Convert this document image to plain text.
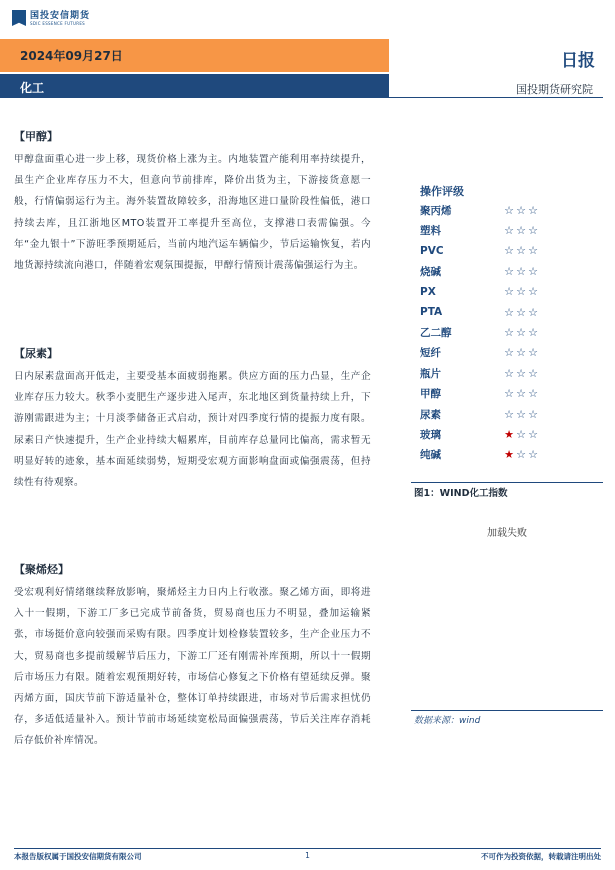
国投安信期货
SDIC ESSENCE FUTURES
2024年09月27日
化工
日报
国投期货研究院
【甲醇】
甲醇盘面重心进一步上移，现货价格上涨为主。内地装置产能利用率持续提升，虽生产企业库存压力不大，但意向节前排库，降价出货为主，下游接货意愿一般，行情偏弱运行为主。海外装置故障较多，沿海地区进口量阶段性偏低，港口持续去库，且江浙地区MTO装置开工率提升至高位，支撑港口表需偏强。今年“金九银十”下游旺季预期延后，当前内地汽运车辆偏少，节后运输恢复，若内地货源持续流向港口，伴随着宏观氛围提振，甲醇行情预计震荡偏强运行为主。
【尿素】
日内尿素盘面高开低走，主要受基本面疲弱拖累。供应方面的压力凸显，生产企业库存压力较大。秋季小麦肥生产逐步进入尾声，东北地区到货量持续上升，下游刚需跟进为主；十月淡季储备正式启动，预计对四季度行情的提振力度有限。尿素日产快速提升，生产企业持续大幅累库，目前库存总量同比偏高，需求暂无明显好转的迹象，基本面延续弱势，短期受宏观方面影响盘面或偏强震荡，但持续性有待观察。
【聚烯烃】
受宏观利好情绪继续释放影响，聚烯烃主力日内上行收涨。聚乙烯方面，即将进入十一假期，下游工厂多已完成节前备货，贸易商也压力不明显，叠加运输紧张，市场挺价意向较强而采购有限。四季度计划检修装置较多，生产企业压力不大，贸易商也多提前缓解节后压力，下游工厂还有刚需补库预期，所以十一假期后市场压力有限。随着宏观预期好转，市场信心修复之下价格有望延续反弹。聚丙烯方面，国庆节前下游适量补仓，整体订单持续跟进，市场对节后需求担忧仍存，多适低适量补入。预计节前市场延续宽松局面偏强震荡，节后关注库存消耗后存低价补库情况。
操作评级
聚丙烯	☆ ☆ ☆
塑料	☆ ☆ ☆
PVC	☆ ☆ ☆
烧碱	☆ ☆ ☆
PX	☆ ☆ ☆
PTA	☆ ☆ ☆
乙二醇	☆ ☆ ☆
短纤	☆ ☆ ☆
瓶片	☆ ☆ ☆
甲醇	☆ ☆ ☆
尿素	☆ ☆ ☆
玻璃	★ ☆ ☆
纯碱	★ ☆ ☆
图1：WIND化工指数
加载失败
数据来源：wind
本报告版权属于国投安信期货有限公司	1	不可作为投资依据，转载请注明出处
